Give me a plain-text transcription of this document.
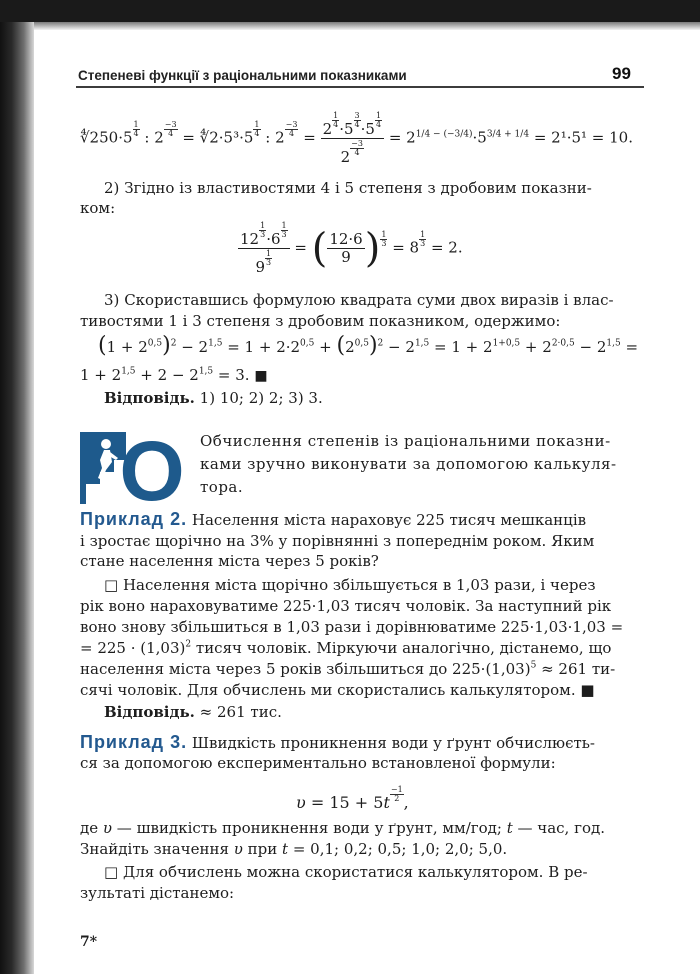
Степеневі функції з раціональними показниками	99
∜250·5 $\frac{1}{4}$ : $2 \frac{-3}{4}$ = ∜2·5³·5 $\frac{1}{4}$ : $2 \frac{-3}{4} = \frac{2 \frac{1}{4} \cdot 5 \frac{3}{4} \cdot 5 \frac{1}{4}}{2 \frac{-3}{4}} = 2^{1/4 - (-3/4)}\cdot 5^{3/4 + 1/4} = 2^1\cdot 5^1 = 10$.
2) Згідно із властивостями 4 і 5 степеня з дробовим показни-
ком:
$\frac{12 \frac{1}{3} \cdot 6 \frac{1}{3}}{9 \frac{1}{3}}$ = ( $\frac{12\cdot 6}{9}$ ) $\frac{1}{3} = 8 \frac{1}{3} = 2$.
3) Скориставшись формулою квадрата суми двох виразів і влас-
тивостями 1 і 3 степеня з дробовим показником, одержимо:
$(1 + 2^{0,5})^2 - 2^{1,5} = 1 + 2\cdot 2^{0,5} + (2^{0,5})^2 - 2^{1,5} = 1 + 2^{1+0,5} + 2^{2\cdot 0,5} - 2^{1,5}$ =
$1 + 2^{1,5} + 2 - 2^{1,5} = 3$. ■
Відповідь. 1) 10; 2) 2; 3) 3.
О Обчислення степенів із раціональними показни-
ками зручно виконувати за допомогою калькуля-
тора.
Приклад 2. Населення міста нараховує 225 тисяч мешканців
і зростає щорічно на 3% у порівнянні з попереднім роком. Яким
стане населення міста через 5 років?
□ Населення міста щорічно збільшується в 1,03 рази, і через
рік воно нараховуватиме 225·1,03 тисяч чоловік. За наступний рік
воно знову збільшиться в 1,03 рази і дорівнюватиме 225·1,03·1,03 =
= $225 \cdot (1,03)^2$ тисяч чоловік. Міркуючи аналогічно, дістанемо, що
населення міста через 5 років збільшиться до $225\cdot(1,03)^5 \approx 261$ ти-
сячі чоловік. Для обчислень ми скористались калькулятором. ■
Відповідь. ≈ 261 тис.
Приклад 3. Швидкість проникнення води у ґрунт обчислюєть-
ся за допомогою експериментально встановленої формули:
$\upsilon = 15 + 5t \frac{-1}{2}$ ,
де υ — швидкість проникнення води у ґрунт, мм/год; t — час, год.
Знайдіть значення υ при t = 0,1; 0,2; 0,5; 1,0; 2,0; 5,0.
□ Для обчислень можна скористатися калькулятором. В ре-
зультаті дістанемо:
7*
